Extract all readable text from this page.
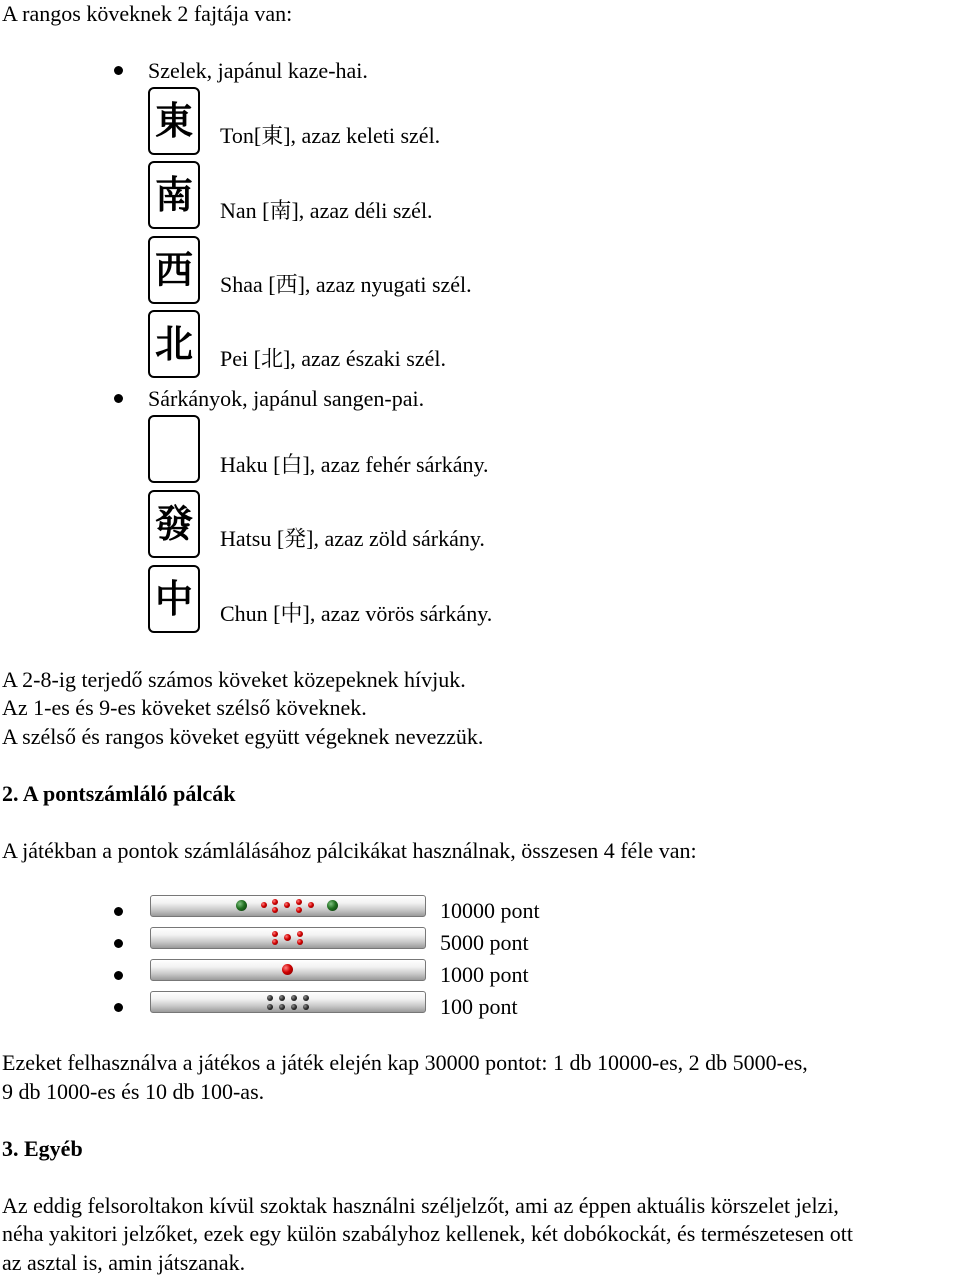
A rangos köveknek 2 fajtája van:
Szelek, japánul kaze-hai.
東	Ton[東], azaz keleti szél.
南	Nan [南], azaz déli szél.
西	Shaa [西], azaz nyugati szél.
北	Pei [北], azaz északi szél.
Sárkányok, japánul sangen-pai.
Haku [白], azaz fehér sárkány.
發	Hatsu [発], azaz zöld sárkány.
中	Chun [中], azaz vörös sárkány.
A 2-8-ig terjedő számos köveket közepeknek hívjuk.
Az 1-es és 9-es köveket szélső köveknek.
A szélső és rangos köveket együtt végeknek nevezzük.
2. A pontszámláló pálcák
A játékban a pontok számlálásához pálcikákat használnak, összesen 4 féle van:
10000 pont
5000 pont
1000 pont
100 pont
Ezeket felhasználva a játékos a játék elején kap 30000 pontot: 1 db 10000-es, 2 db 5000-es,
9 db 1000-es és 10 db 100-as.
3. Egyéb
Az eddig felsoroltakon kívül szoktak használni széljelzőt, ami az éppen aktuális körszelet jelzi,
néha yakitori jelzőket, ezek egy külön szabályhoz kellenek, két dobókockát, és természetesen ott
az asztal is, amin játszanak.
